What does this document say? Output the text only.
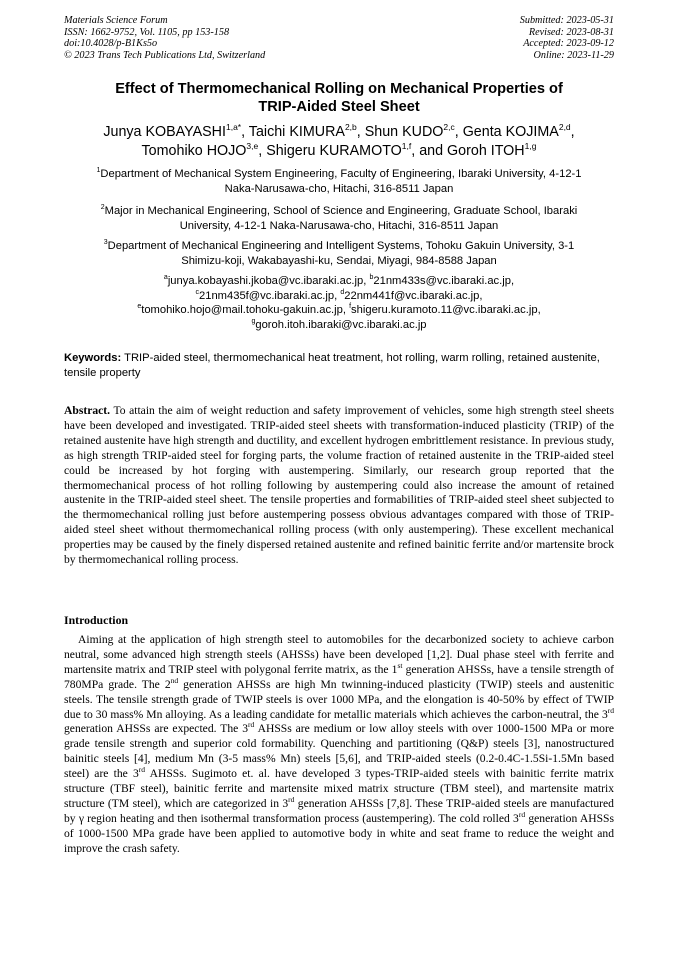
Materials Science Forum
ISSN: 1662-9752, Vol. 1105, pp 153-158
doi:10.4028/p-B1Ks5o
© 2023 Trans Tech Publications Ltd, Switzerland
Submitted: 2023-05-31
Revised: 2023-08-31
Accepted: 2023-09-12
Online: 2023-11-29
Effect of Thermomechanical Rolling on Mechanical Properties of
TRIP-Aided Steel Sheet
Junya $KOBAYASHI^{1,a*}$, Taichi KIMURA$^{2,b}$, Shun KUDO$^{2,c}$, Genta KOJIMA$^{2,d}$,
Tomohiko HOJO$^{3,e}$, Shigeru KURAMOTO$^{1,f}$, and Goroh ITOH$^{1,g}$
$^1$Department of Mechanical System Engineering, Faculty of Engineering, Ibaraki University, 4-12-1
Naka-Narusawa-cho, Hitachi, 316-8511 Japan
$^2$Major in Mechanical Engineering, School of Science and Engineering, Graduate School, Ibaraki
University, 4-12-1 Naka-Narusawa-cho, Hitachi, 316-8511 Japan
$^3$Department of Mechanical Engineering and Intelligent Systems, Tohoku Gakuin University, 3-1
Shimizu-koji, Wakabayashi-ku, Sendai, Miyagi, 984-8588 Japan
$^a$junya.kobayashi.jkoba@vc.ibaraki.ac.jp, $^b$21nm433s@vc.ibaraki.ac.jp,
$^c$21nm435f@vc.ibaraki.ac.jp, $^d$22nm441f@vc.ibaraki.ac.jp,
$^e$tomohiko.hojo@mail.tohoku-gakuin.ac.jp, $^f$shigeru.kuramoto.11@vc.ibaraki.ac.jp,
$^g$goroh.itoh.ibaraki@vc.ibaraki.ac.jp
Keywords: TRIP-aided steel, thermomechanical heat treatment, hot rolling, warm rolling, retained austenite, tensile property
Abstract. To attain the aim of weight reduction and safety improvement of vehicles, some high strength steel sheets have been developed and investigated. TRIP-aided steel sheets with transformation-induced plasticity (TRIP) of the retained austenite have high strength and ductility, and excellent hydrogen embrittlement resistance. In previous study, as high strength TRIP-aided steel for forging parts, the volume fraction of retained austenite in the TRIP-aided steel could be increased by hot forging with austempering. Similarly, our research group reported that the thermomechanical process of hot rolling following by austempering could also increase the amount of retained austenite in the TRIP-aided steel sheet. The tensile properties and formabilities of TRIP-aided steel sheet subjected to the thermomechanical rolling just before austempering possess obvious advantages compared with those of TRIP-aided steel sheet without thermomechanical rolling process (with only austempering). These excellent mechanical properties may be caused by the finely dispersed retained austenite and refined bainitic ferrite and/or martensite brock by thermomechanical rolling process.
Introduction
Aiming at the application of high strength steel to automobiles for the decarbonized society to achieve carbon neutral, some advanced high strength steels (AHSSs) have been developed [1,2]. Dual phase steel with ferrite and martensite matrix and TRIP steel with polygonal ferrite matrix, as the 1st generation AHSSs, have a tensile strength of 780MPa grade. The 2nd generation AHSSs are high Mn twinning-induced plasticity (TWIP) steels and austenitic steels. The tensile strength grade of TWIP steels is over 1000 MPa, and the elongation is 40-50% by effect of TWIP due to 30 mass% Mn alloying. As a leading candidate for metallic materials which achieves the carbon-neutral, the 3rd generation AHSSs are expected. The 3rd AHSSs are medium or low alloy steels with over 1000-1500 MPa or more grade tensile strength and superior cold formability. Quenching and partitioning (Q&P) steels [3], nanostructured bainitic steels [4], medium Mn (3-5 mass% Mn) steels [5,6], and TRIP-aided steels (0.2-0.4C-1.5Si-1.5Mn based steel) are the 3rd AHSSs. Sugimoto et. al. have developed 3 types-TRIP-aided steels with bainitic ferrite matrix structure (TBF steel), bainitic ferrite and martensite mixed matrix structure (TBM steel), and martensite matrix structure (TM steel), which are categorized in 3rd generation AHSSs [7,8]. These TRIP-aided steels are manufactured by γ region heating and then isothermal transformation process (austempering). The cold rolled 3rd generation AHSSs of 1000-1500 MPa grade have been applied to automotive body in white and seat frame to reduce the weight and improve the crash safety.
